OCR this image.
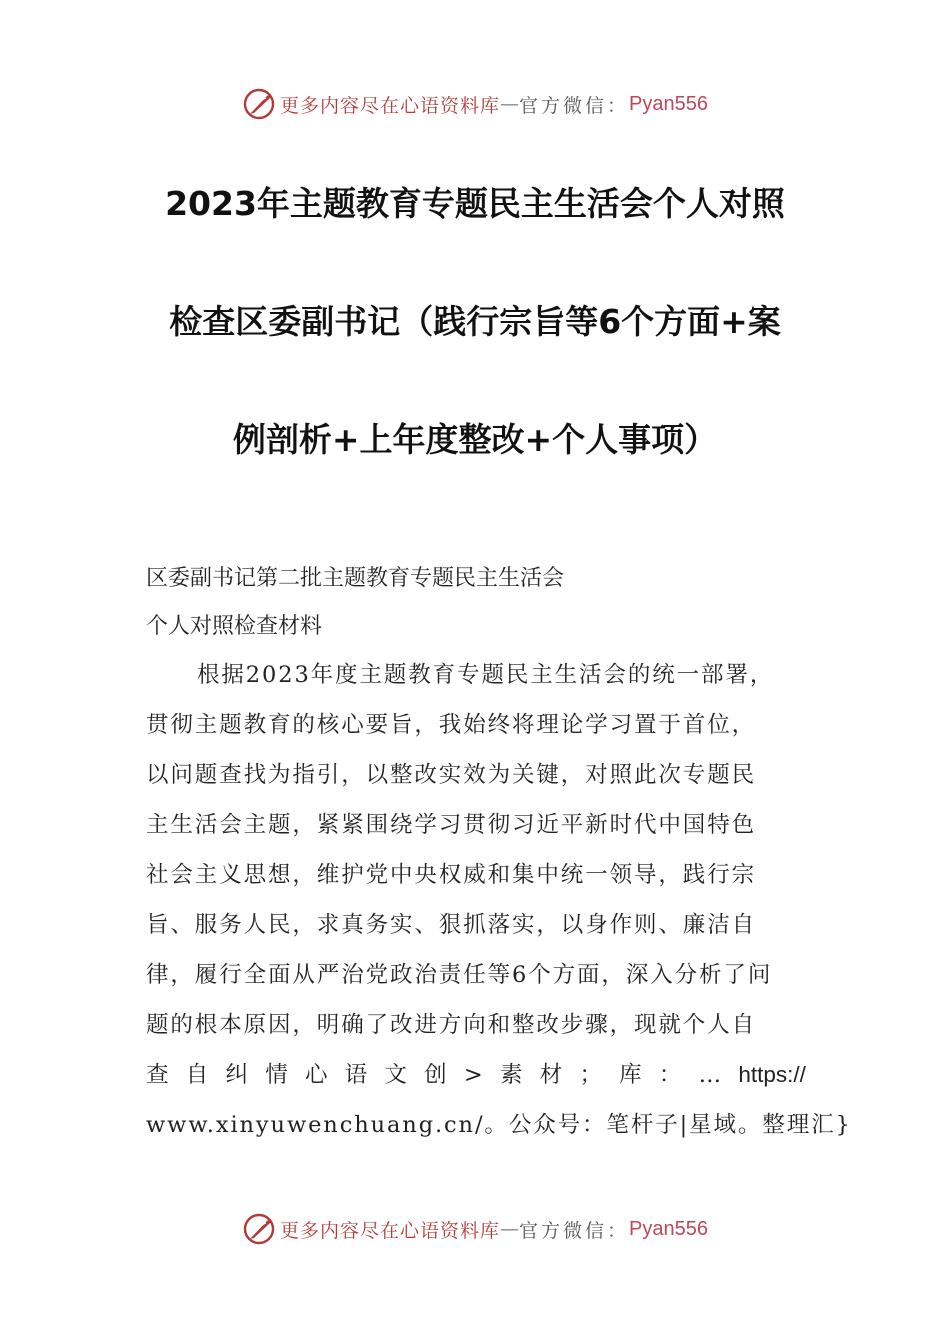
更多内容尽在心语资料库 — 官方微信： Pyan556
2023年主题教育专题民主生活会个人对照
检查区委副书记（践行宗旨等6个方面+案
例剖析+上年度整改+个人事项）
区委副书记第二批主题教育专题民主生活会
个人对照检查材料
根据2023年度主题教育专题民主生活会的统一部署，
贯彻主题教育的核心要旨，我始终将理论学习置于首位，
以问题查找为指引，以整改实效为关键，对照此次专题民
主生活会主题，紧紧围绕学习贯彻习近平新时代中国特色
社会主义思想，维护党中央权威和集中统一领导，践行宗
旨、服务人民，求真务实、狠抓落实，以身作则、廉洁自
律，履行全面从严治党政治责任等6个方面，深入分析了问
题的根本原因，明确了改进方向和整改步骤，现就个人自
查 自 纠 情 心 语 文 创 > 素 材 ； 库 ： … https://
www.xinyuwenchuang.cn/。公众号：笔杆子|星域。整理汇}
更多内容尽在心语资料库 — 官方微信： Pyan556
